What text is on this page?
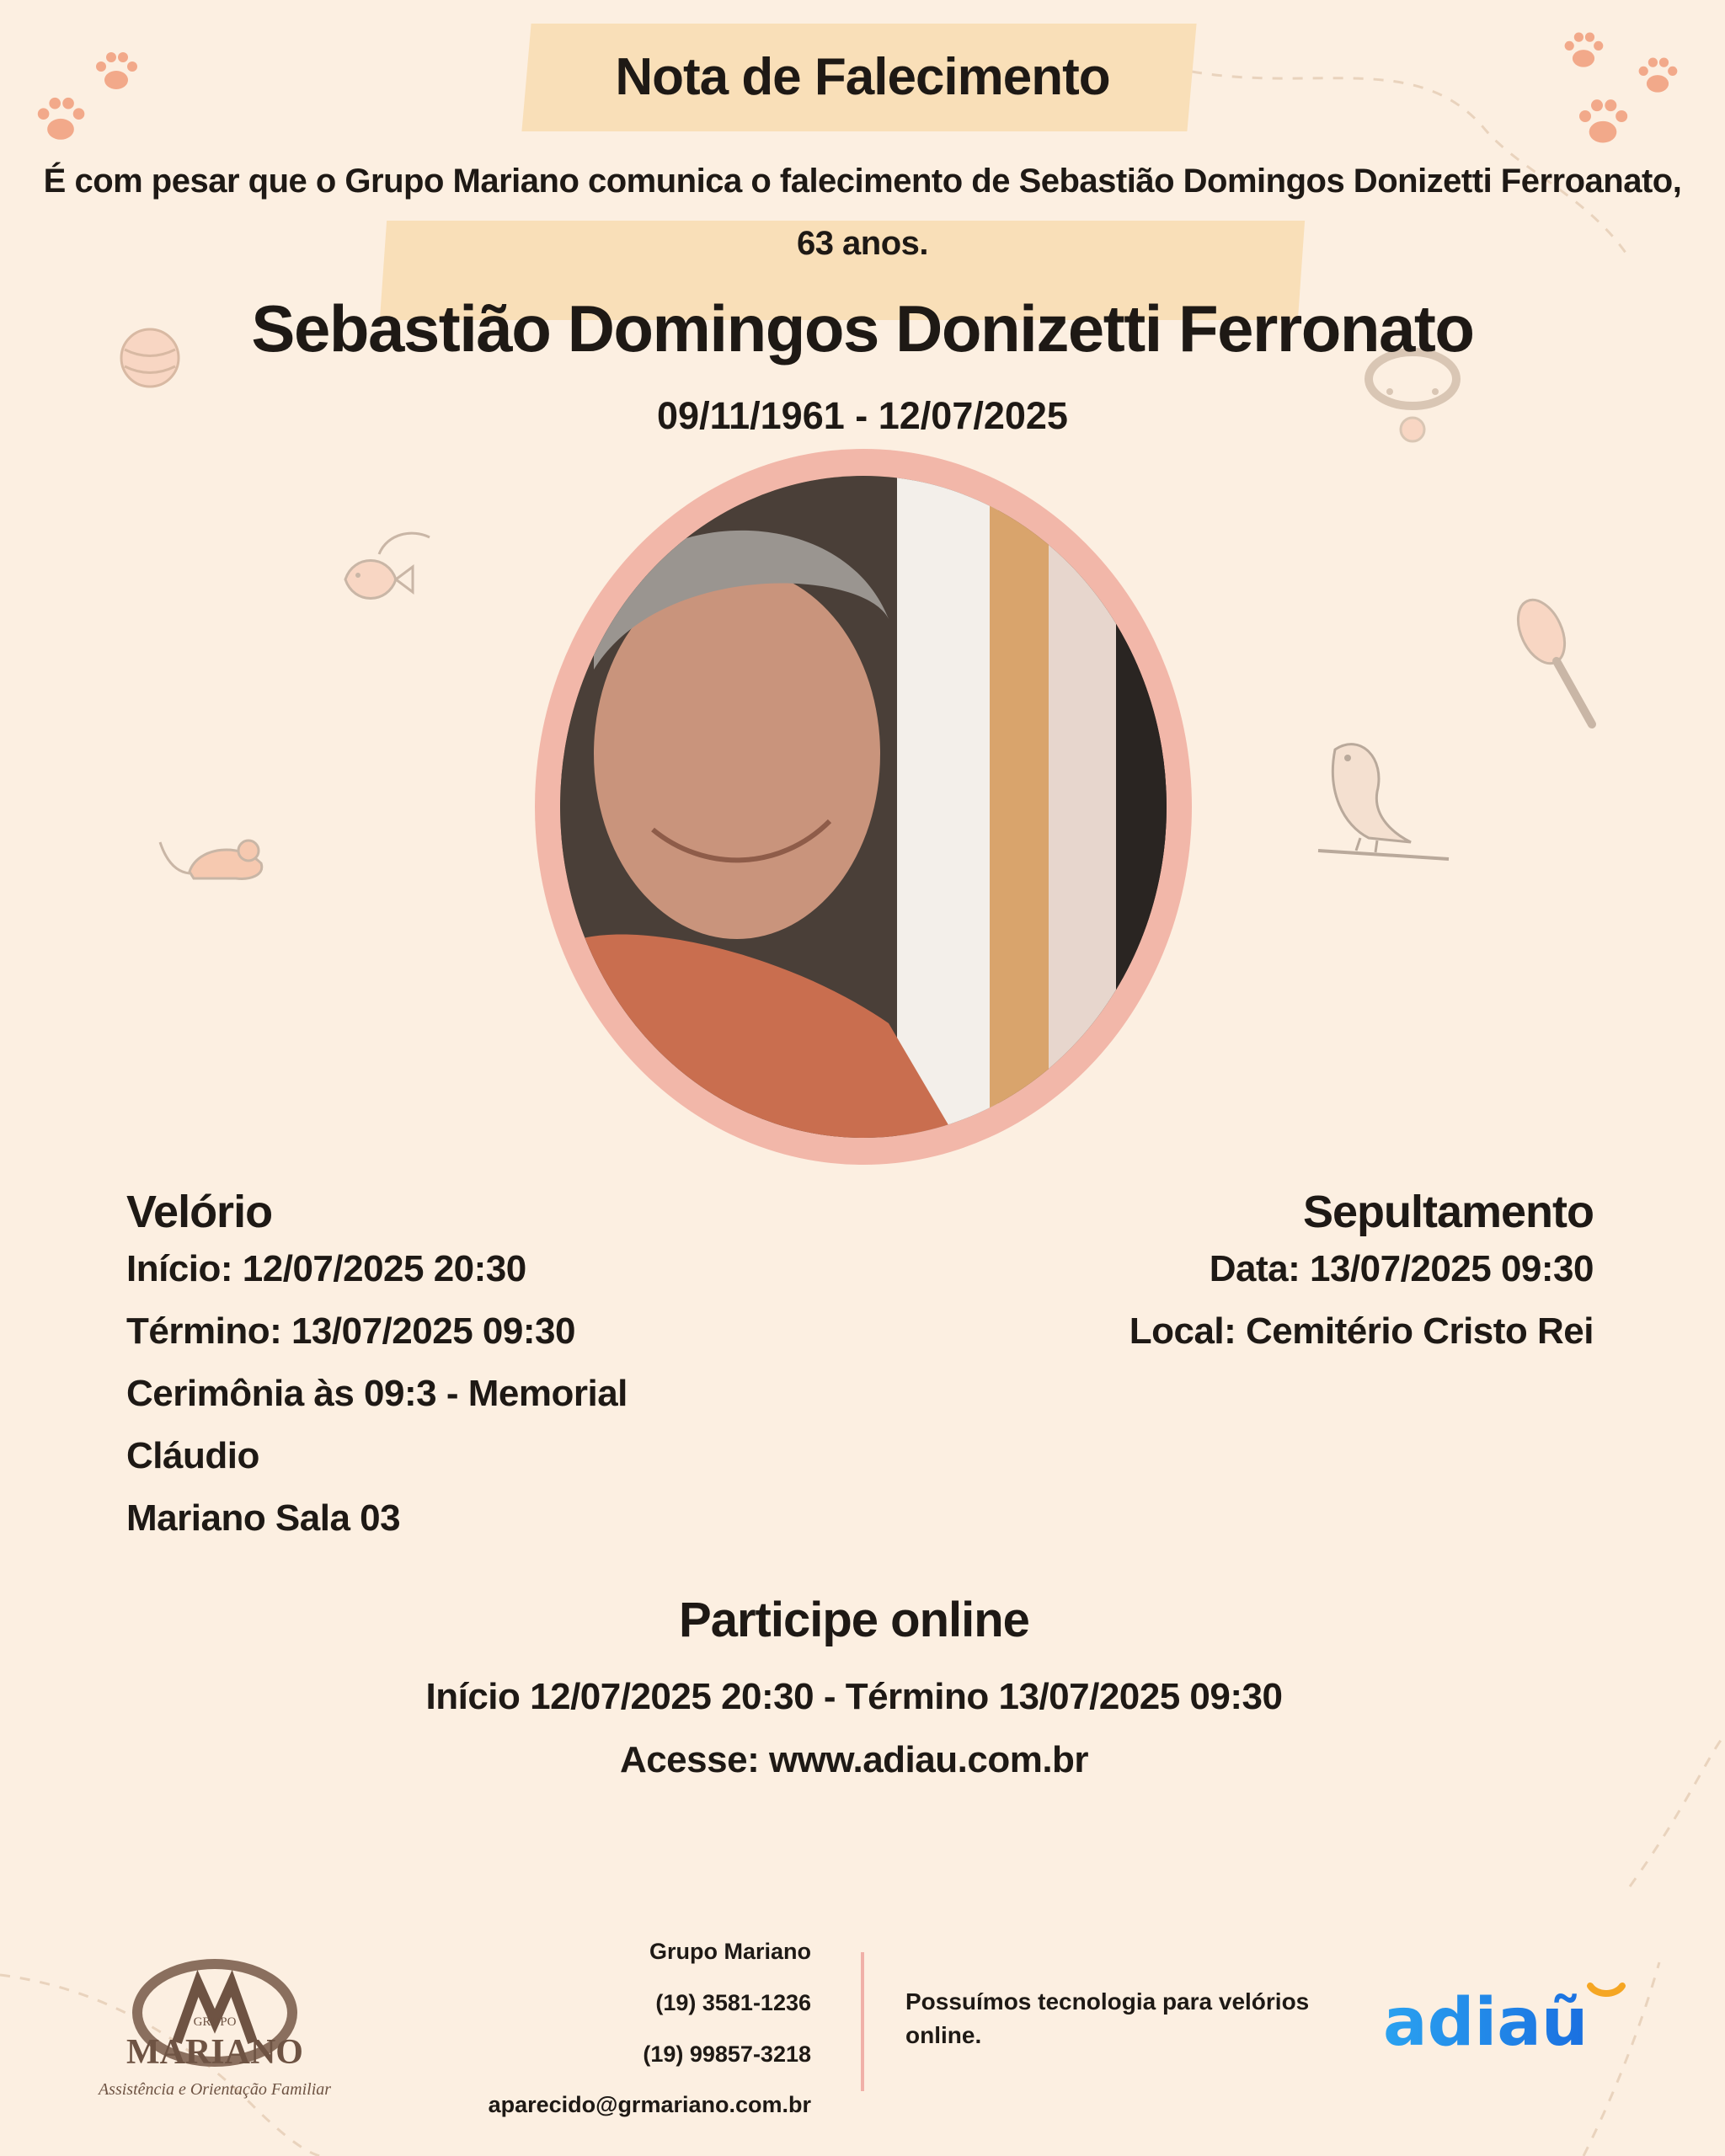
Nota de Falecimento
É com pesar que o Grupo Mariano comunica o falecimento de Sebastião Domingos Donizetti Ferroanato,
63 anos.
Sebastião Domingos Donizetti Ferronato
09/11/1961 - 12/07/2025
Velório
Início: 12/07/2025 20:30
Término: 13/07/2025 09:30
Cerimônia às 09:3 - Memorial Cláudio
Mariano Sala 03
Sepultamento
Data: 13/07/2025 09:30
Local: Cemitério Cristo Rei
Participe online
Início 12/07/2025 20:30 - Término 13/07/2025 09:30
Acesse: www.adiau.com.br
GRUPO
MARIANO
Assistência e Orientação Familiar
Grupo Mariano
(19) 3581-1236
(19) 99857-3218
aparecido@grmariano.com.br
Possuímos tecnologia para velórios online.	adiaũ
